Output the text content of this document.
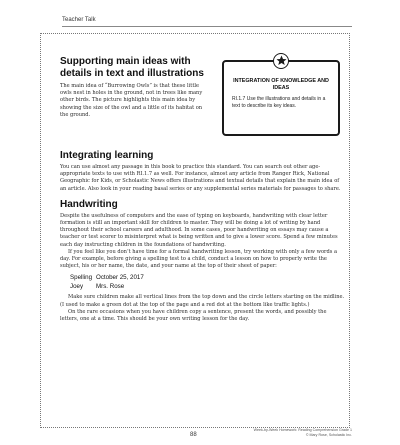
Teacher Talk
Supporting main ideas with details in text and illustrations

The main idea of “Burrowing Owls” is that these little owls nest in holes in the ground, not in trees like many other birds. The picture highlights this main idea by showing the size of the owl and a little of its habitat on the ground.

INTEGRATION OF KNOWLEDGE AND IDEAS
RI.1.7 Use the illustrations and details in a text to describe its key ideas.
Integrating learning

You can use almost any passage in this book to practice this standard. You can search out other age-appropriate texts to use with RI.1.7 as well. For instance, almost any article from Ranger Rick, National Geographic for Kids, or Scholastic News offers illustrations and textual details that explain the main idea of an article. Also look in your reading basal series or any supplemental series materials for passages to share.

Handwriting

Despite the usefulness of computers and the ease of typing on keyboards, handwriting with clear letter formation is still an important skill for children to master. They will be doing a lot of writing by hand throughout their school careers and adulthood. In some cases, poor handwriting on essays may cause a teacher or test scorer to misinterpret what is being written and to give a lower score. Spend a few minutes each day instructing children in the foundations of handwriting.

If you feel like you don’t have time for a formal handwriting lesson, try working with only a few words a day. For example, before giving a spelling test to a child, conduct a lesson on how to properly write the subject, his or her name, the date, and your name at the top of their sheet of paper:

Spelling October 25, 2017
Joey	Mrs. Rose

Make sure children make all vertical lines from the top down and the circle letters starting on the midline. (I used to make a green dot at the top of the page and a red dot at the bottom like traffic lights.)

On the rare occasions when you have children copy a sentence, present the words, and possibly the letters, one at a time. This should be your own writing lesson for the day.

88
Week-by-Week Homework: Reading Comprehension Grade 1
© Mary Rose, Scholastic Inc.
